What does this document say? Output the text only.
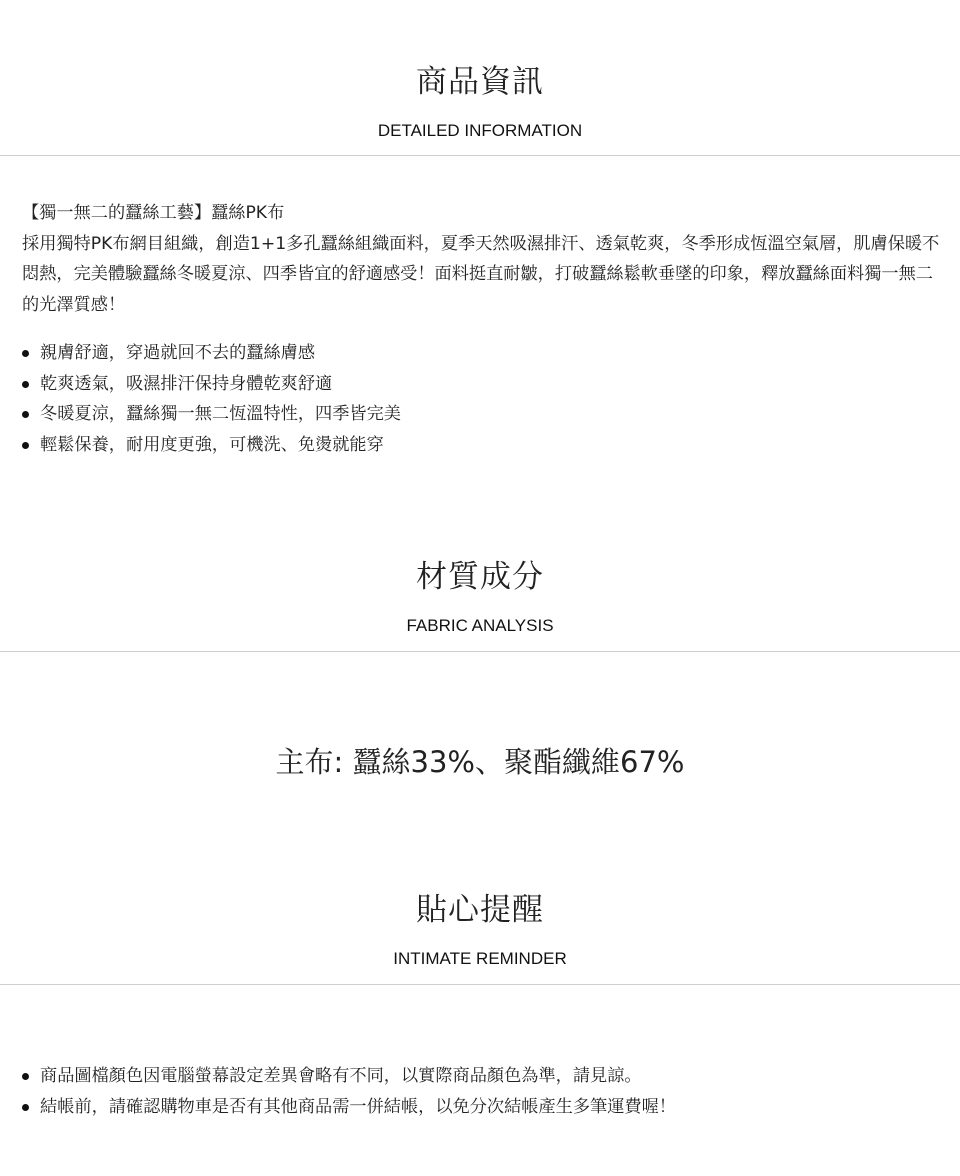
商品資訊
DETAILED INFORMATION

【獨一無二的蠶絲工藝】蠶絲PK布

採用獨特PK布網目組織，創造1+1多孔蠶絲組織面料，夏季天然吸濕排汗、透氣乾爽，冬季形成恆溫空氣層，肌膚保暖不悶熱，完美體驗蠶絲冬暖夏涼、四季皆宜的舒適感受！面料挺直耐皺，打破蠶絲鬆軟垂墜的印象，釋放蠶絲面料獨一無二的光澤質感！

親膚舒適，穿過就回不去的蠶絲膚感
乾爽透氣，吸濕排汗保持身體乾爽舒適
冬暖夏涼，蠶絲獨一無二恆溫特性，四季皆完美
輕鬆保養，耐用度更強，可機洗、免燙就能穿
材質成分
FABRIC ANALYSIS
主布: 蠶絲33%、聚酯纖維67%
貼心提醒
INTIMATE REMINDER
商品圖檔顏色因電腦螢幕設定差異會略有不同，以實際商品顏色為準，請見諒。
結帳前，請確認購物車是否有其他商品需一併結帳，以免分次結帳產生多筆運費喔！
